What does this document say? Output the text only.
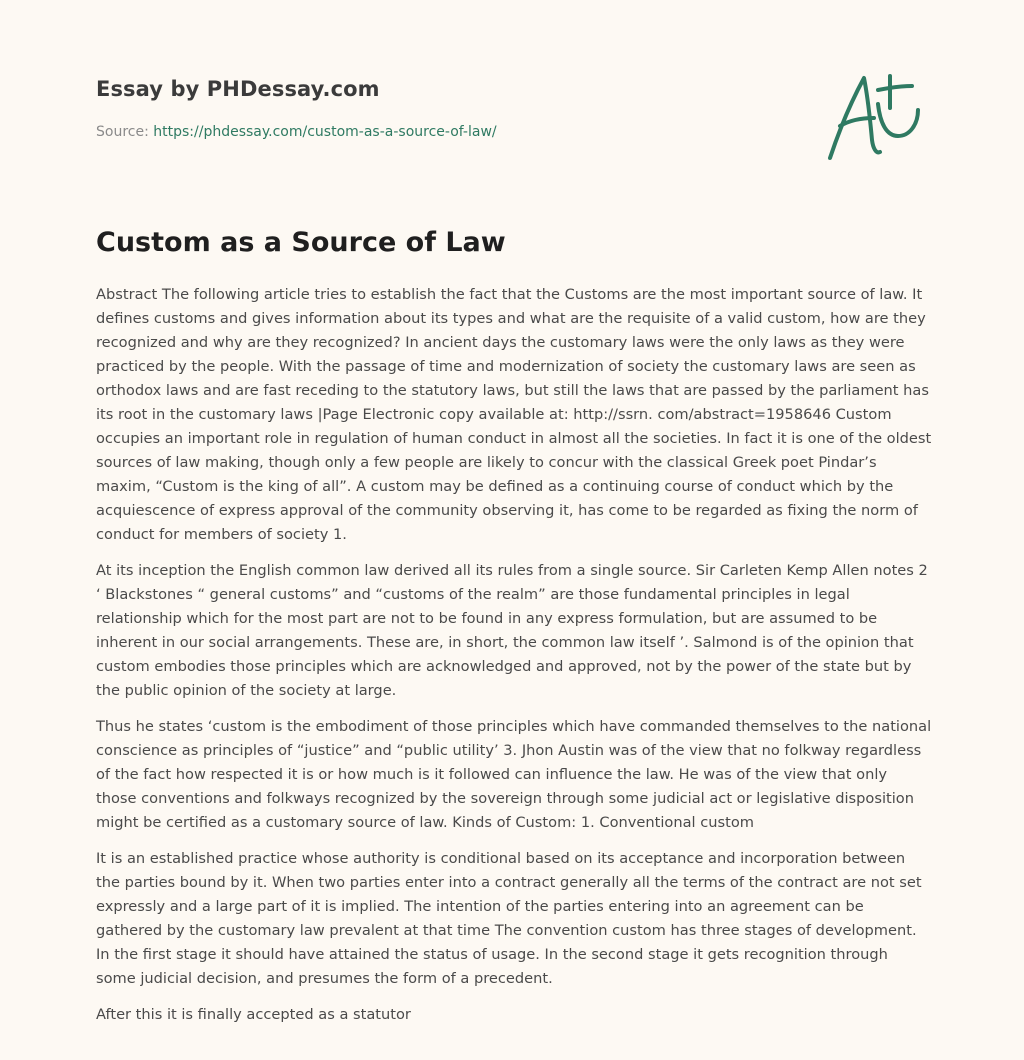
Essay by PHDessay.com
Source: https://phdessay.com/custom-as-a-source-of-law/
Custom as a Source of Law

Abstract The following article tries to establish the fact that the Customs are the most important source of law. It defines customs and gives information about its types and what are the requisite of a valid custom, how are they recognized and why are they recognized? In ancient days the customary laws were the only laws as they were practiced by the people. With the passage of time and modernization of society the customary laws are seen as orthodox laws and are fast receding to the statutory laws, but still the laws that are passed by the parliament has its root in the customary laws |Page Electronic copy available at: http://ssrn. com/abstract=1958646 Custom occupies an important role in regulation of human conduct in almost all the societies. In fact it is one of the oldest sources of law making, though only a few people are likely to concur with the classical Greek poet Pindar’s maxim, “Custom is the king of all”. A custom may be defined as a continuing course of conduct which by the acquiescence of express approval of the community observing it, has come to be regarded as fixing the norm of conduct for members of society 1.

At its inception the English common law derived all its rules from a single source. Sir Carleten Kemp Allen notes 2 ‘ Blackstones “ general customs” and “customs of the realm” are those fundamental principles in legal relationship which for the most part are not to be found in any express formulation, but are assumed to be inherent in our social arrangements. These are, in short, the common law itself ’. Salmond is of the opinion that custom embodies those principles which are acknowledged and approved, not by the power of the state but by the public opinion of the society at large.

Thus he states ‘custom is the embodiment of those principles which have commanded themselves to the national conscience as principles of “justice” and “public utility’ 3. Jhon Austin was of the view that no folkway regardless of the fact how respected it is or how much is it followed can influence the law. He was of the view that only those conventions and folkways recognized by the sovereign through some judicial act or legislative disposition might be certified as a customary source of law. Kinds of Custom: 1. Conventional custom

It is an established practice whose authority is conditional based on its acceptance and incorporation between the parties bound by it. When two parties enter into a contract generally all the terms of the contract are not set expressly and a large part of it is implied. The intention of the parties entering into an agreement can be gathered by the customary law prevalent at that time The convention custom has three stages of development. In the first stage it should have attained the status of usage. In the second stage it gets recognition through some judicial decision, and presumes the form of a precedent.

After this it is finally accepted as a statutor
